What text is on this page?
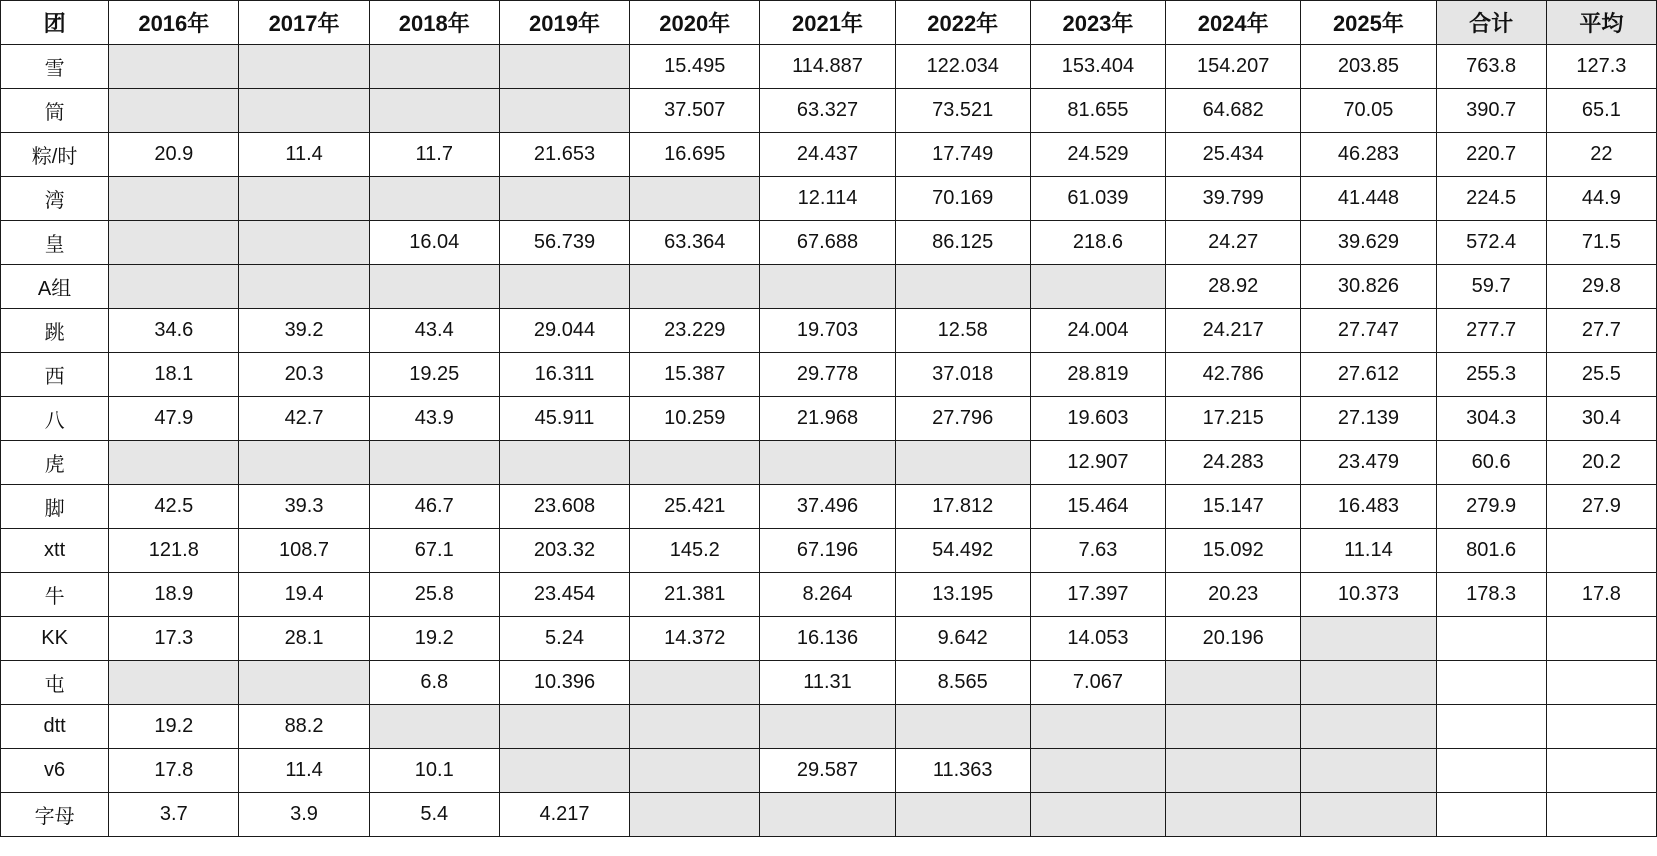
团	2016年	2017年	2018年	2019年	2020年	2021年	2022年	2023年	2024年	2025年	合计	平均
雪					15.495	114.887	122.034	153.404	154.207	203.85	763.8	127.3
筒					37.507	63.327	73.521	81.655	64.682	70.05	390.7	65.1
粽/时	20.9	11.4	11.7	21.653	16.695	24.437	17.749	24.529	25.434	46.283	220.7	22
湾						12.114	70.169	61.039	39.799	41.448	224.5	44.9
皇			16.04	56.739	63.364	67.688	86.125	218.6	24.27	39.629	572.4	71.5
A组									28.92	30.826	59.7	29.8
跳	34.6	39.2	43.4	29.044	23.229	19.703	12.58	24.004	24.217	27.747	277.7	27.7
西	18.1	20.3	19.25	16.311	15.387	29.778	37.018	28.819	42.786	27.612	255.3	25.5
八	47.9	42.7	43.9	45.911	10.259	21.968	27.796	19.603	17.215	27.139	304.3	30.4
虎								12.907	24.283	23.479	60.6	20.2
脚	42.5	39.3	46.7	23.608	25.421	37.496	17.812	15.464	15.147	16.483	279.9	27.9
xtt	121.8	108.7	67.1	203.32	145.2	67.196	54.492	7.63	15.092	11.14	801.6	
牛	18.9	19.4	25.8	23.454	21.381	8.264	13.195	17.397	20.23	10.373	178.3	17.8
KK	17.3	28.1	19.2	5.24	14.372	16.136	9.642	14.053	20.196			
屯			6.8	10.396		11.31	8.565	7.067				
dtt	19.2	88.2										
v6	17.8	11.4	10.1			29.587	11.363					
字母	3.7	3.9	5.4	4.217								
